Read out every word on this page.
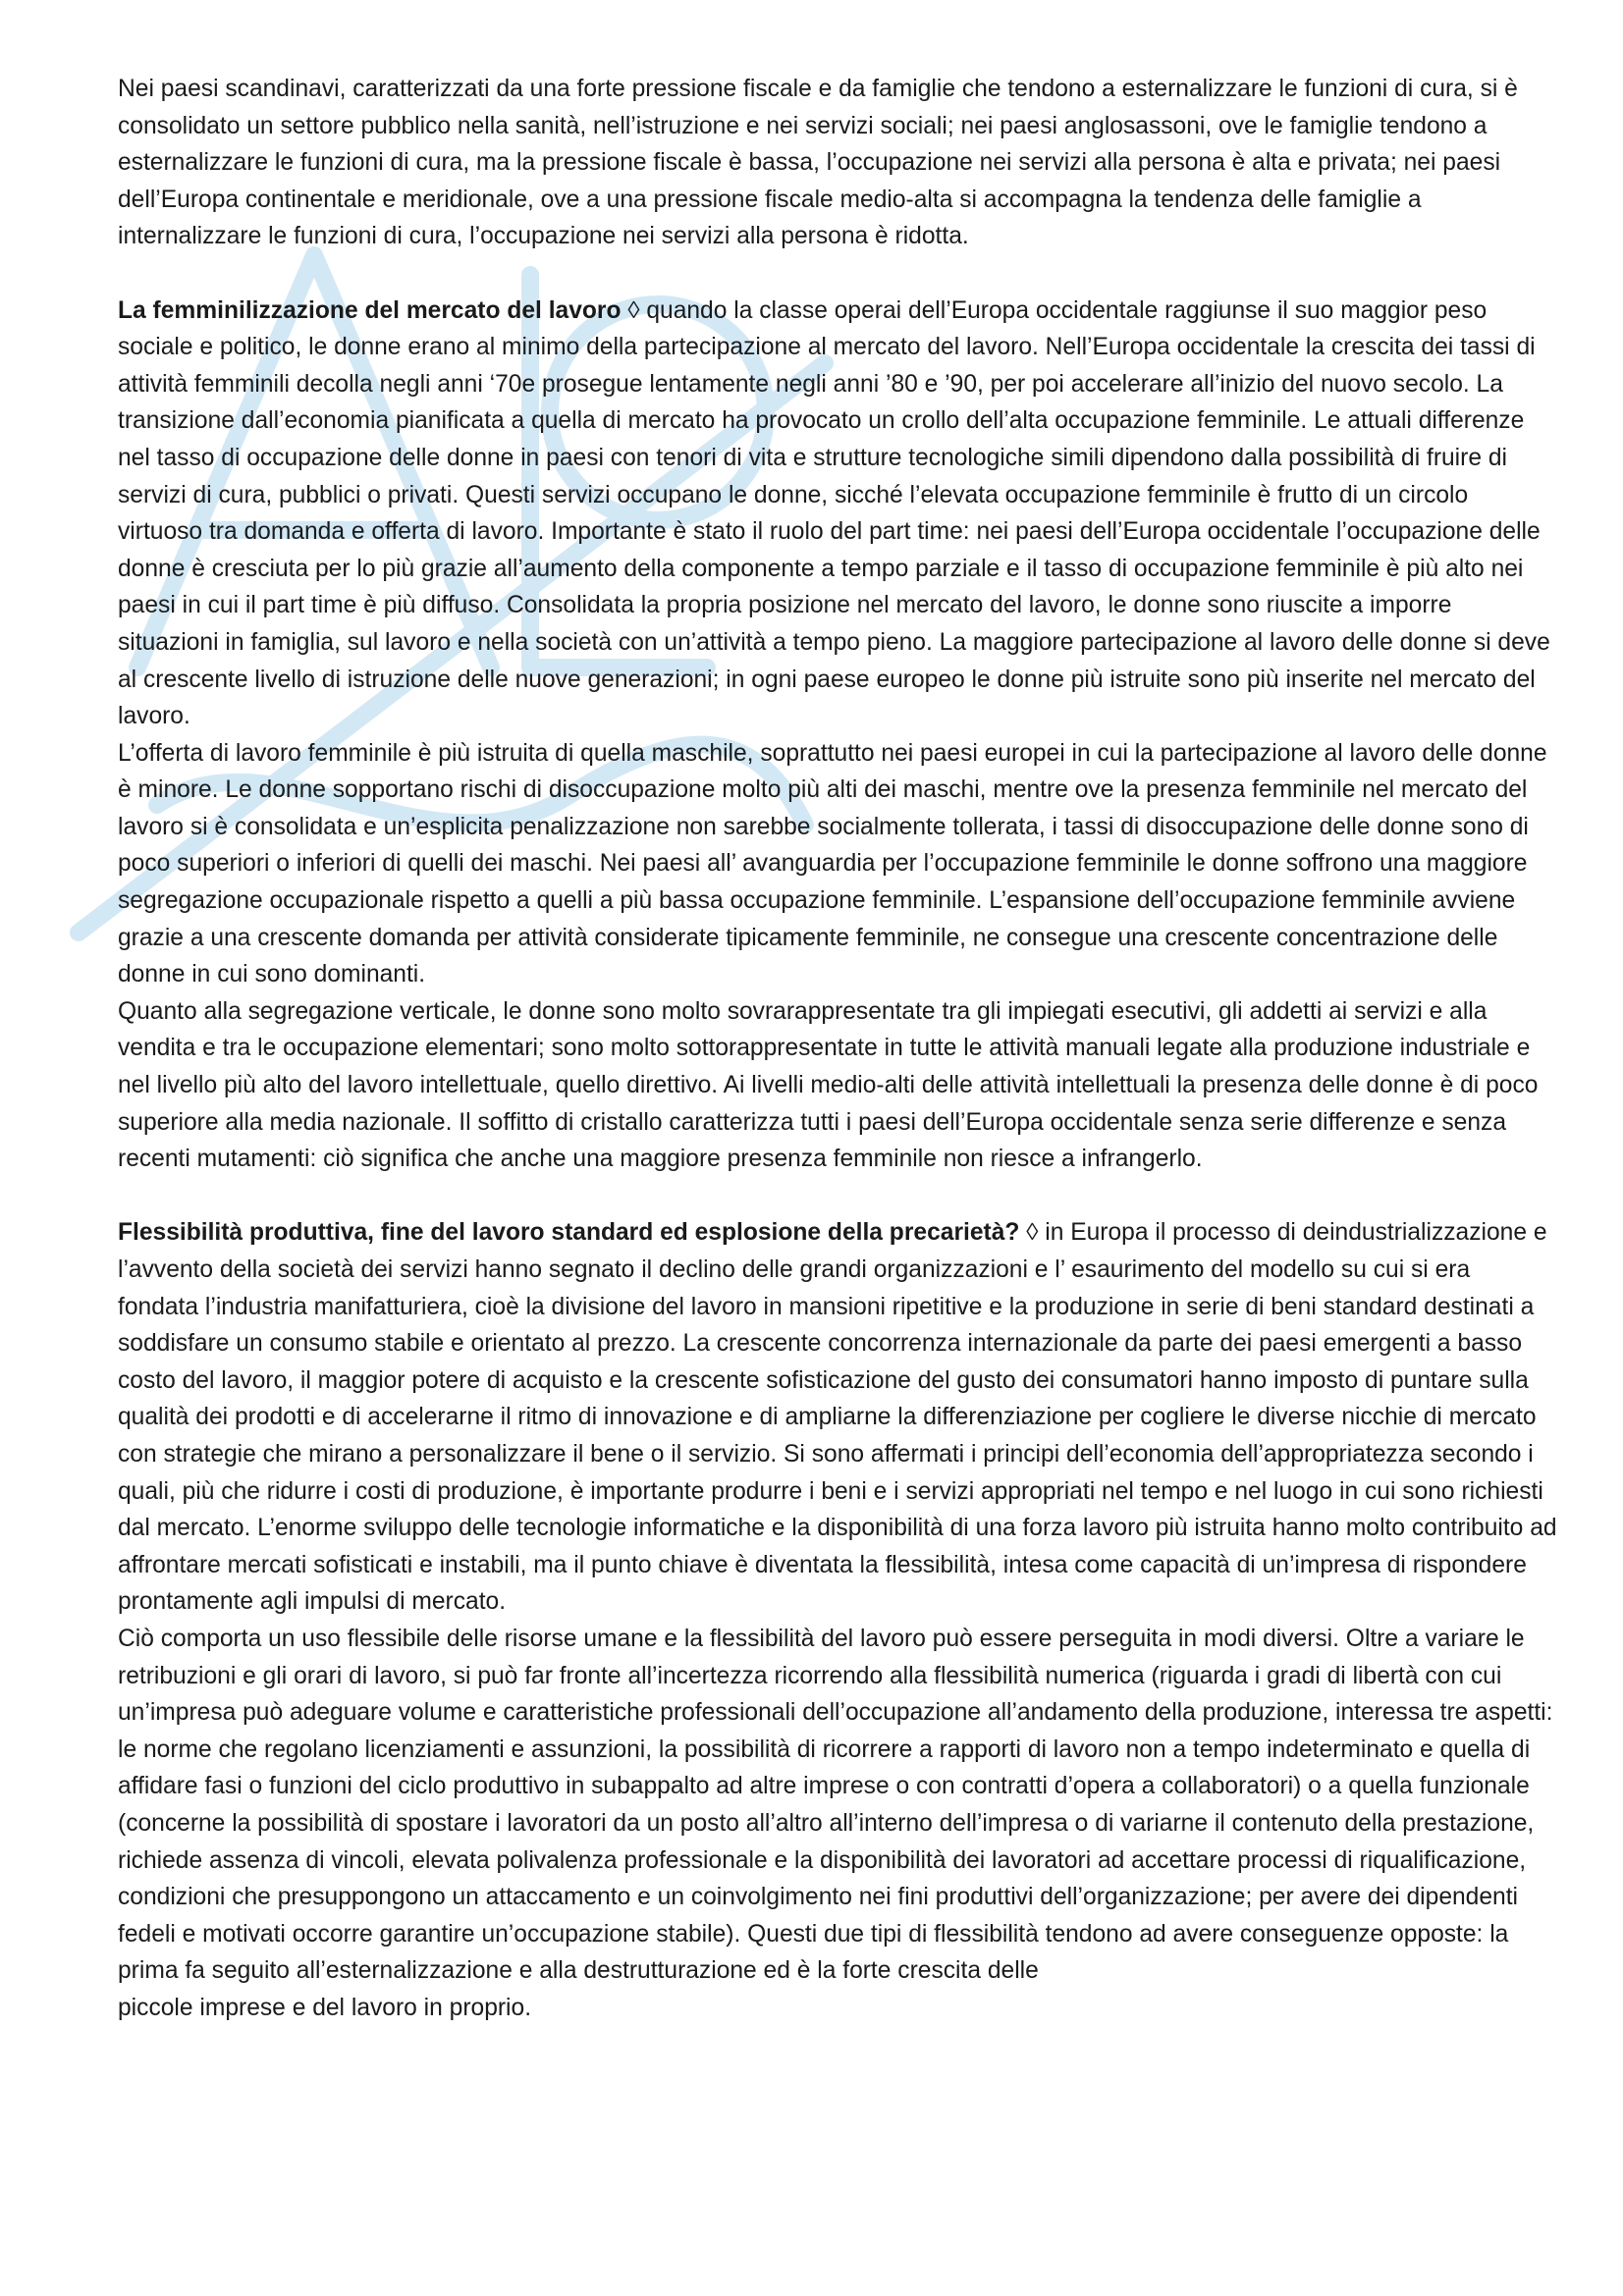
Nei paesi scandinavi, caratterizzati da una forte pressione fiscale e da famiglie che tendono a esternalizzare le funzioni di cura, si è consolidato un settore pubblico nella sanità, nell’istruzione e nei servizi sociali; nei paesi anglosassoni, ove le famiglie tendono a esternalizzare le funzioni di cura, ma la pressione fiscale è bassa, l’occupazione nei servizi alla persona è alta e privata; nei paesi dell’Europa continentale e meridionale, ove a una pressione fiscale medio-alta si accompagna la tendenza delle famiglie a internalizzare le funzioni di cura, l’occupazione nei servizi alla persona è ridotta.

La femminilizzazione del mercato del lavoro ◊ quando la classe operai dell’Europa occidentale raggiunse il suo maggior peso sociale e politico, le donne erano al minimo della partecipazione al mercato del lavoro. Nell’Europa occidentale la crescita dei tassi di attività femminili decolla negli anni ‘70e prosegue lentamente negli anni ’80 e ’90, per poi accelerare all’inizio del nuovo secolo. La transizione dall’economia pianificata a quella di mercato ha provocato un crollo dell’alta occupazione femminile. Le attuali differenze nel tasso di occupazione delle donne in paesi con tenori di vita e strutture tecnologiche simili dipendono dalla possibilità di fruire di servizi di cura, pubblici o privati. Questi servizi occupano le donne, sicché l’elevata occupazione femminile è frutto di un circolo virtuoso tra domanda e offerta di lavoro. Importante è stato il ruolo del part time: nei paesi dell’Europa occidentale l’occupazione delle donne è cresciuta per lo più grazie all’aumento della componente a tempo parziale e il tasso di occupazione femminile è più alto nei paesi in cui il part time è più diffuso. Consolidata la propria posizione nel mercato del lavoro, le donne sono riuscite a imporre situazioni in famiglia, sul lavoro e nella società con un’attività a tempo pieno. La maggiore partecipazione al lavoro delle donne si deve al crescente livello di istruzione delle nuove generazioni; in ogni paese europeo le donne più istruite sono più inserite nel mercato del lavoro.

L’offerta di lavoro femminile è più istruita di quella maschile, soprattutto nei paesi europei in cui la partecipazione al lavoro delle donne è minore. Le donne sopportano rischi di disoccupazione molto più alti dei maschi, mentre ove la presenza femminile nel mercato del lavoro si è consolidata e un’esplicita penalizzazione non sarebbe socialmente tollerata, i tassi di disoccupazione delle donne sono di poco superiori o inferiori di quelli dei maschi. Nei paesi all’ avanguardia per l’occupazione femminile le donne soffrono una maggiore segregazione occupazionale rispetto a quelli a più bassa occupazione femminile. L’espansione dell’occupazione femminile avviene grazie a una crescente domanda per attività considerate tipicamente femminile, ne consegue una crescente concentrazione delle donne in cui sono dominanti.

Quanto alla segregazione verticale, le donne sono molto sovrarappresentate tra gli impiegati esecutivi, gli addetti ai servizi e alla vendita e tra le occupazione elementari; sono molto sottorappresentate in tutte le attività manuali legate alla produzione industriale e nel livello più alto del lavoro intellettuale, quello direttivo. Ai livelli medio-alti delle attività intellettuali la presenza delle donne è di poco superiore alla media nazionale. Il soffitto di cristallo caratterizza tutti i paesi dell’Europa occidentale senza serie differenze e senza recenti mutamenti: ciò significa che anche una maggiore presenza femminile non riesce a infrangerlo.

Flessibilità produttiva, fine del lavoro standard ed esplosione della precarietà? ◊ in Europa il processo di deindustrializzazione e l’avvento della società dei servizi hanno segnato il declino delle grandi organizzazioni e l’ esaurimento del modello su cui si era fondata l’industria manifatturiera, cioè la divisione del lavoro in mansioni ripetitive e la produzione in serie di beni standard destinati a soddisfare un consumo stabile e orientato al prezzo. La crescente concorrenza internazionale da parte dei paesi emergenti a basso costo del lavoro, il maggior potere di acquisto e la crescente sofisticazione del gusto dei consumatori hanno imposto di puntare sulla qualità dei prodotti e di accelerarne il ritmo di innovazione e di ampliarne la differenziazione per cogliere le diverse nicchie di mercato con strategie che mirano a personalizzare il bene o il servizio. Si sono affermati i principi dell’economia dell’appropriatezza secondo i quali, più che ridurre i costi di produzione, è importante produrre i beni e i servizi appropriati nel tempo e nel luogo in cui sono richiesti dal mercato. L’enorme sviluppo delle tecnologie informatiche e la disponibilità di una forza lavoro più istruita hanno molto contribuito ad affrontare mercati sofisticati e instabili, ma il punto chiave è diventata la flessibilità, intesa come capacità di un’impresa di rispondere prontamente agli impulsi di mercato.

Ciò comporta un uso flessibile delle risorse umane e la flessibilità del lavoro può essere perseguita in modi diversi. Oltre a variare le retribuzioni e gli orari di lavoro, si può far fronte all’incertezza ricorrendo alla flessibilità numerica (riguarda i gradi di libertà con cui un’impresa può adeguare volume e caratteristiche professionali dell’occupazione all’andamento della produzione, interessa tre aspetti: le norme che regolano licenziamenti e assunzioni, la possibilità di ricorrere a rapporti di lavoro non a tempo indeterminato e quella di affidare fasi o funzioni del ciclo produttivo in subappalto ad altre imprese o con contratti d’opera a collaboratori) o a quella funzionale (concerne la possibilità di spostare i lavoratori da un posto all’altro all’interno dell’impresa o di variarne il contenuto della prestazione, richiede assenza di vincoli, elevata polivalenza professionale e la disponibilità dei lavoratori ad accettare processi di riqualificazione, condizioni che presuppongono un attaccamento e un coinvolgimento nei fini produttivi dell’organizzazione; per avere dei dipendenti fedeli e motivati occorre garantire un’occupazione stabile). Questi due tipi di flessibilità tendono ad avere conseguenze opposte: la prima fa seguito all’esternalizzazione e alla destrutturazione ed è la forte crescita delle

piccole imprese e del lavoro in proprio.
